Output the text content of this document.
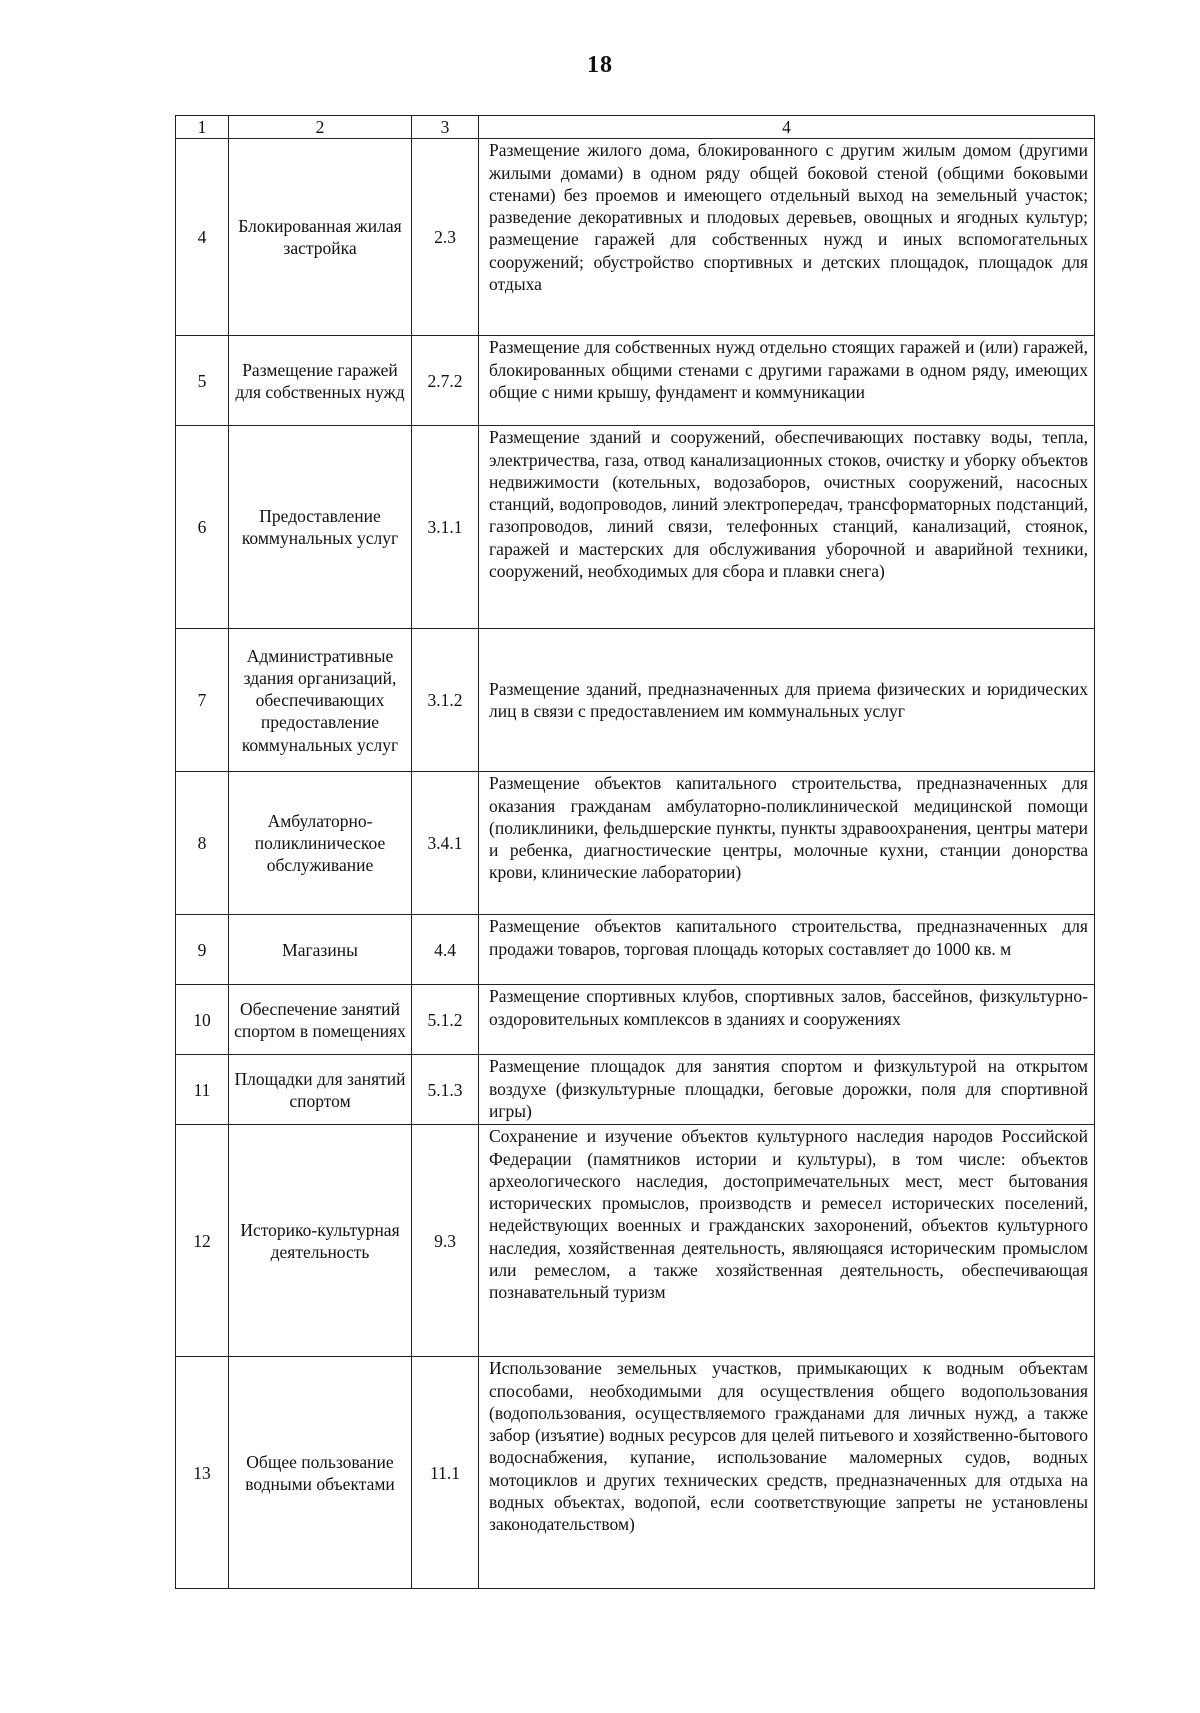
18
1	2	3	4
4	Блокированная жилая застройка	2.3	Размещение жилого дома, блокированного с другим жилым домом (другими жилыми домами) в одном ряду общей боковой стеной (общими боковыми стенами) без проемов и имеющего отдельный выход на земельный участок; разведение декоративных и плодовых деревьев, овощных и ягодных культур; размещение гаражей для собственных нужд и иных вспомогательных сооружений; обустройство спортивных и детских площадок, площадок для отдыха
5	Размещение гаражей для собственных нужд	2.7.2	Размещение для собственных нужд отдельно стоящих гаражей и (или) гаражей, блокированных общими стенами с другими гаражами в одном ряду, имеющих общие с ними крышу, фундамент и коммуникации
6	Предоставление коммунальных услуг	3.1.1	Размещение зданий и сооружений, обеспечивающих поставку воды, тепла, электричества, газа, отвод канализационных стоков, очистку и уборку объектов недвижимости (котельных, водозаборов, очистных сооружений, насосных станций, водопроводов, линий электропередач, трансформаторных подстанций, газопроводов, линий связи, телефонных станций, канализаций, стоянок, гаражей и мастерских для обслуживания уборочной и аварийной техники, сооружений, необходимых для сбора и плавки снега)
7	Административные здания организаций, обеспечивающих предоставление коммунальных услуг	3.1.2	Размещение зданий, предназначенных для приема физических и юридических лиц в связи с предоставлением им коммунальных услуг
8	Амбулаторно-поликлиническое обслуживание	3.4.1	Размещение объектов капитального строительства, предназначенных для оказания гражданам амбулаторно-поликлинической медицинской помощи (поликлиники, фельдшерские пункты, пункты здравоохранения, центры матери и ребенка, диагностические центры, молочные кухни, станции донорства крови, клинические лаборатории)
9	Магазины	4.4	Размещение объектов капитального строительства, предназначенных для продажи товаров, торговая площадь которых составляет до 1000 кв. м
10	Обеспечение занятий спортом в помещениях	5.1.2	Размещение спортивных клубов, спортивных залов, бассейнов, физкультурно-оздоровительных комплексов в зданиях и сооружениях
11	Площадки для занятий спортом	5.1.3	Размещение площадок для занятия спортом и физкультурой на открытом воздухе (физкультурные площадки, беговые дорожки, поля для спортивной игры)
12	Историко-культурная деятельность	9.3	Сохранение и изучение объектов культурного наследия народов Российской Федерации (памятников истории и культуры), в том числе: объектов археологического наследия, достопримечательных мест, мест бытования исторических промыслов, производств и ремесел исторических поселений, недействующих военных и гражданских захоронений, объектов культурного наследия, хозяйственная деятельность, являющаяся историческим промыслом или ремеслом, а также хозяйственная деятельность, обеспечивающая познавательный туризм
13	Общее пользование водными объектами	11.1	Использование земельных участков, примыкающих к водным объектам способами, необходимыми для осуществления общего водопользования (водопользования, осуществляемого гражданами для личных нужд, а также забор (изъятие) водных ресурсов для целей питьевого и хозяйственно-бытового водоснабжения, купание, использование маломерных судов, водных мотоциклов и других технических средств, предназначенных для отдыха на водных объектах, водопой, если соответствующие запреты не установлены законодательством)
